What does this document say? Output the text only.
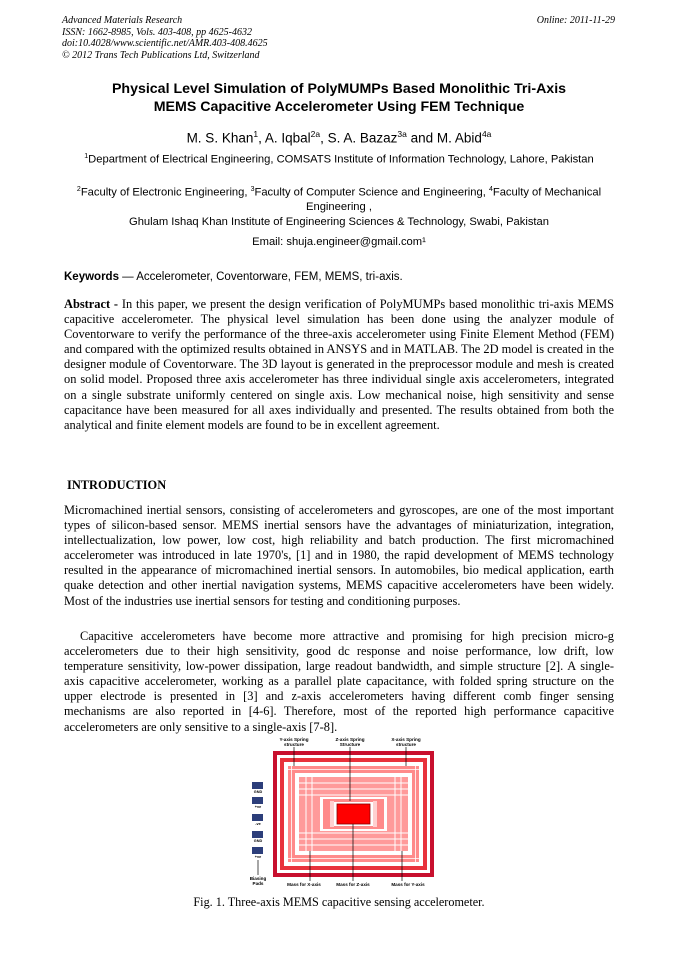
Advanced Materials Research
ISSN: 1662-8985, Vols. 403-408, pp 4625-4632
doi:10.4028/www.scientific.net/AMR.403-408.4625
© 2012 Trans Tech Publications Ltd, Switzerland
Online: 2011-11-29
Physical Level Simulation of PolyMUMPs Based Monolithic Tri-Axis
MEMS Capacitive Accelerometer Using FEM Technique
M. S. Khan$^1$, A. Iqbal$^{2a}$, S. A. Bazaz$^{3a}$ and M. Abid$^{4a}$
$^1$Department of Electrical Engineering, COMSATS Institute of Information Technology, Lahore, Pakistan
$^2$Faculty of Electronic Engineering, $^3$Faculty of Computer Science and Engineering, $^4$Faculty of Mechanical Engineering ,
Ghulam Ishaq Khan Institute of Engineering Sciences & Technology, Swabi, Pakistan
Email: shuja.engineer@gmail.com¹
Keywords — Accelerometer, Coventorware, FEM, MEMS, tri-axis.
Abstract - In this paper, we present the design verification of PolyMUMPs based monolithic tri-axis MEMS capacitive accelerometer. The physical level simulation has been done using the analyzer module of Coventorware to verify the performance of the three-axis accelerometer using Finite Element Method (FEM) and compared with the optimized results obtained in ANSYS and in MATLAB. The 2D model is created in the designer module of Coventorware. The 3D layout is generated in the preprocessor module and mesh is created on solid model. Proposed three axis accelerometer has three individual single axis accelerometers, integrated on a single substrate uniformly centered on single axis. Low mechanical noise, high sensitivity and sense capacitance have been measured for all axes individually and presented. The results obtained from both the analytical and finite element models are found to be in excellent agreement.
INTRODUCTION
Micromachined inertial sensors, consisting of accelerometers and gyroscopes, are one of the most important types of silicon-based sensor. MEMS inertial sensors have the advantages of miniaturization, integration, intellectualization, low power, low cost, high reliability and batch production. The first micromachined accelerometer was introduced in late 1970's, [1] and in 1980, the rapid development of MEMS technology resulted in the appearance of micromachined inertial sensors. In automobiles, bio medical application, earth quake detection and other inertial navigation systems, MEMS capacitive accelerometers have been widely. Most of the industries use inertial sensors for testing and conditioning purposes.
Capacitive accelerometers have become more attractive and promising for high precision micro-g accelerometers due to their high sensitivity, good dc response and noise performance, low drift, low temperature sensitivity, low-power dissipation, large readout bandwidth, and simple structure [2]. A single-axis capacitive accelerometer, working as a parallel plate capacitance, with folded spring structure on the upper electrode is presented in [3] and z-axis accelerometers having different comb finger sensing mechanisms are also reported in [4-6]. Therefore, most of the reported high performance capacitive accelerometers are only sensitive to a single-axis [7-8].
Y-axis Spring
structure
Z-axis Spring
Structure
X-axis Spring
structure
GND
+ve
-ve
GND
+ve
Biasing
Pads	Mass for X-axis	Mass for Z-axis	Mass for Y-axis
Fig. 1. Three-axis MEMS capacitive sensing accelerometer.
